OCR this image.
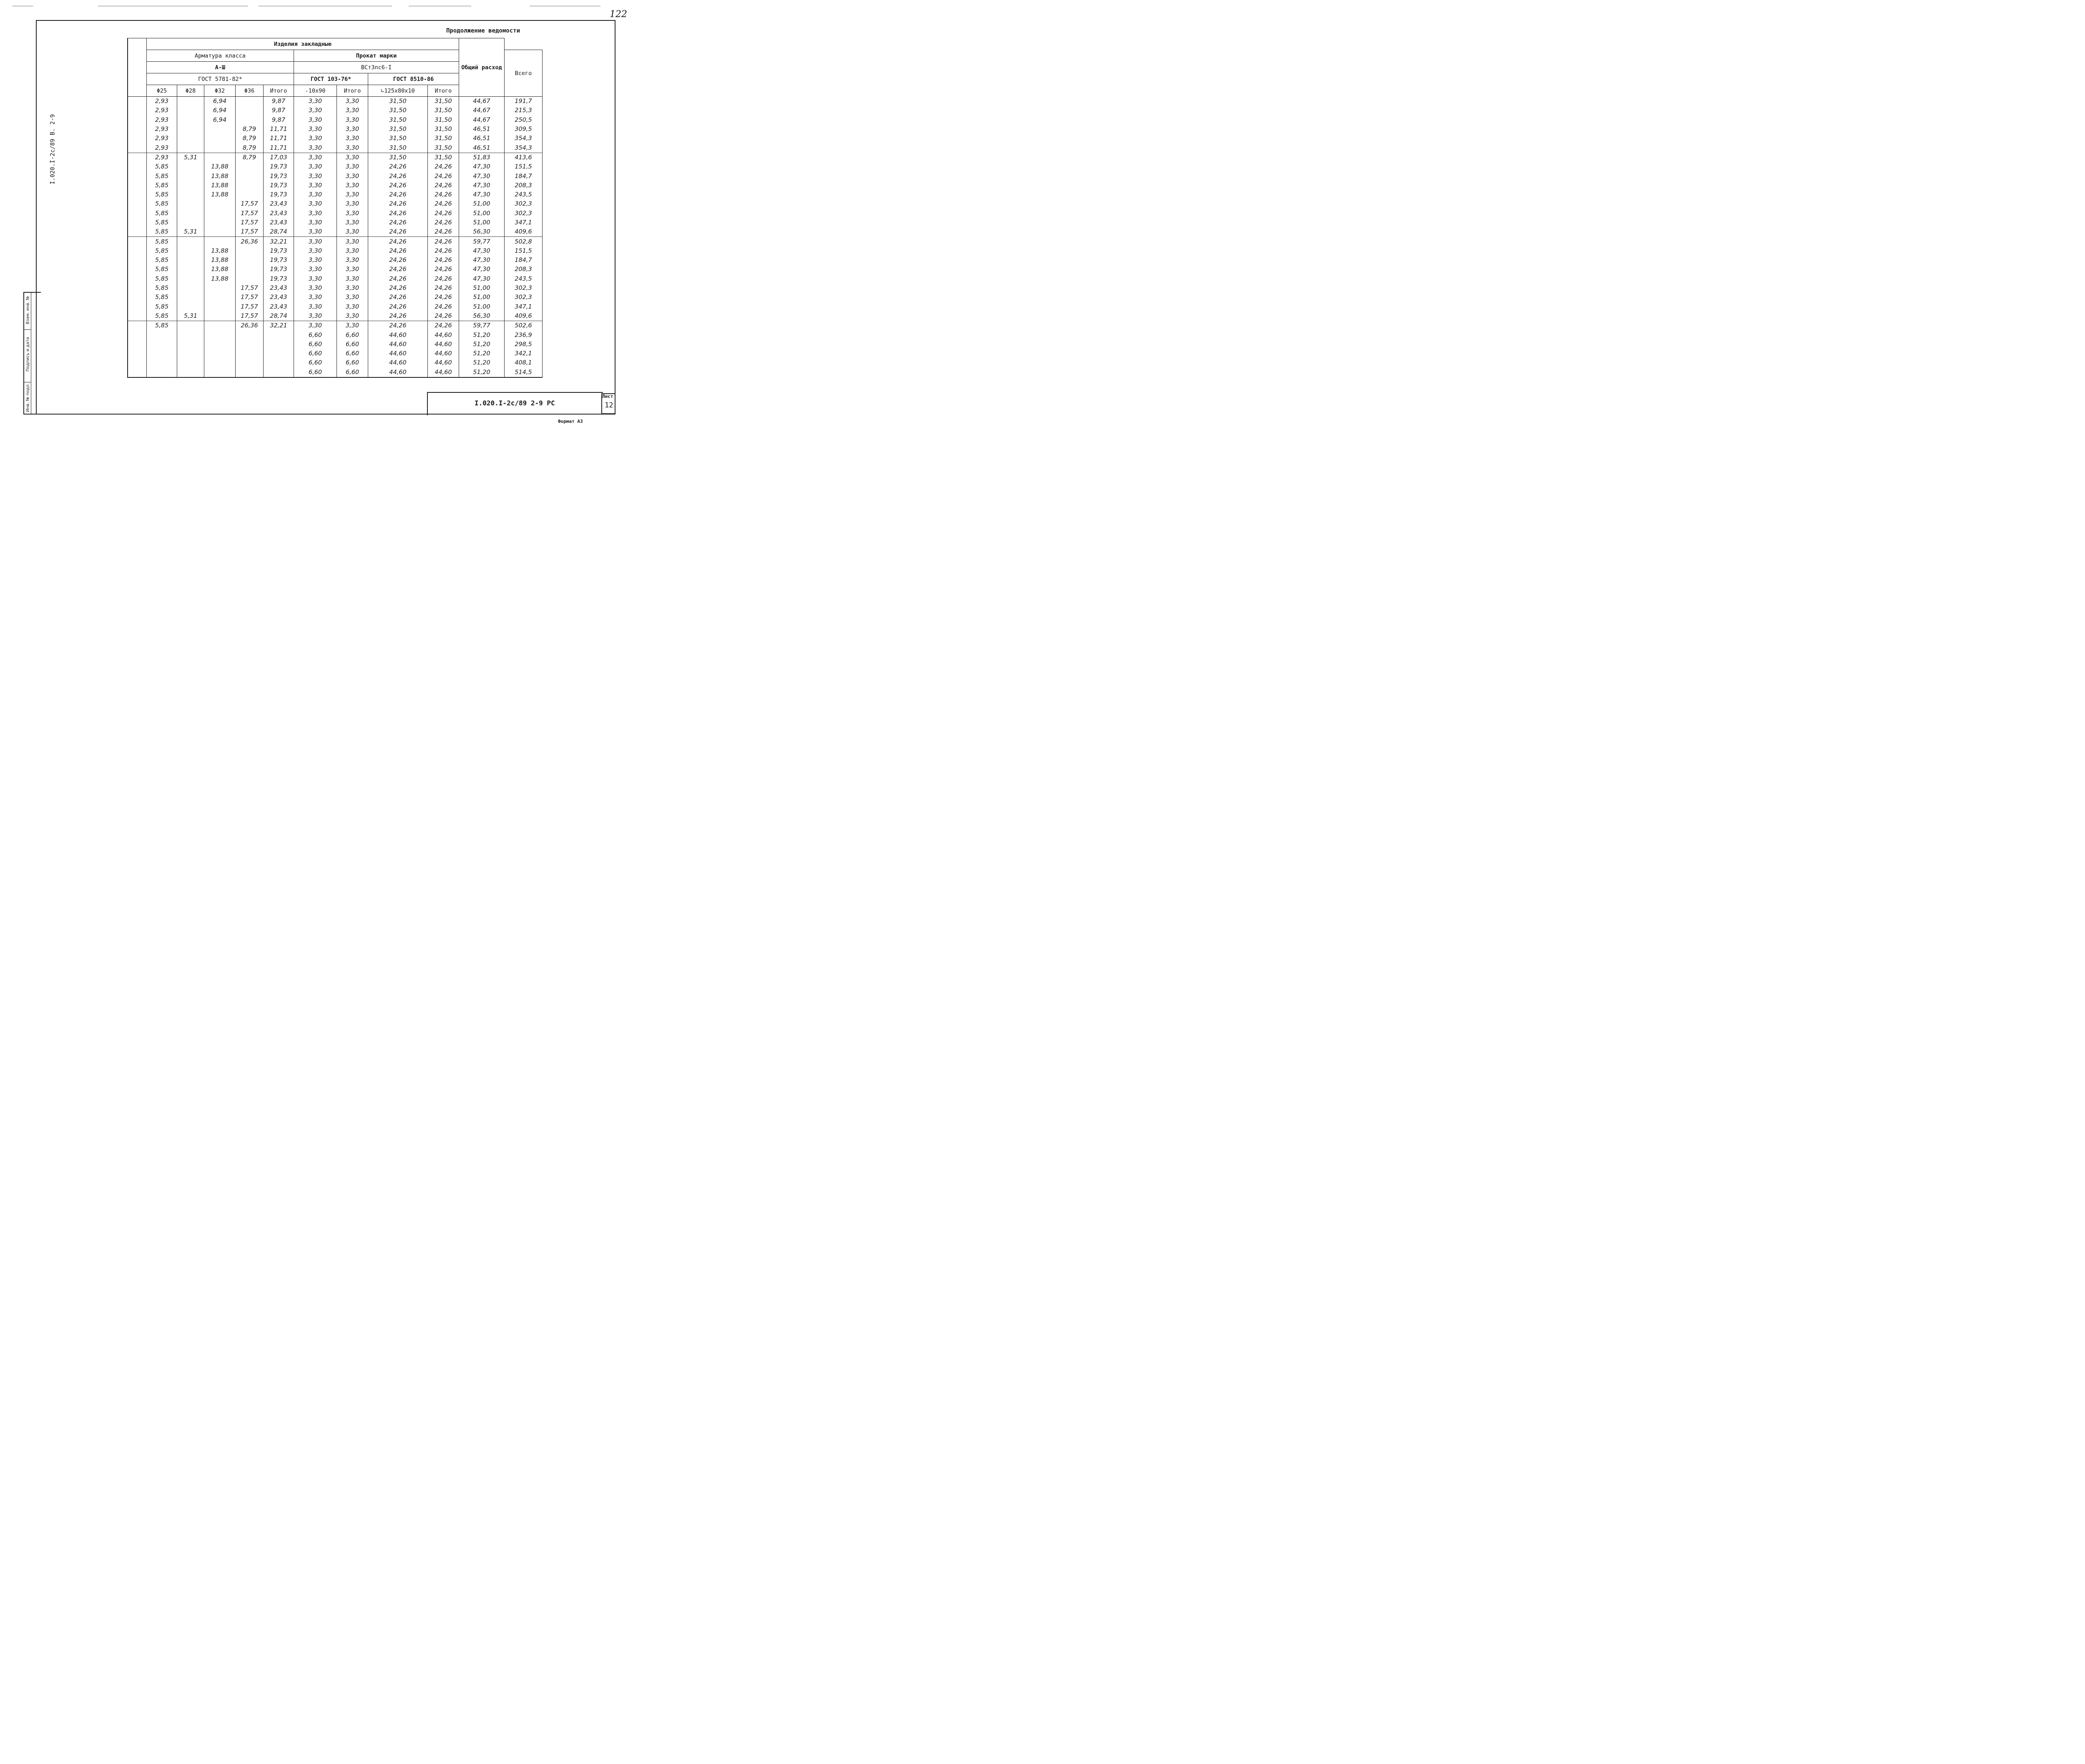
122
I.020.I-2c/89 B. 2-9
Продолжение ведомости
	Изделия закладные									Общий расход	
	Арматура класса					Прокат марки					Всего
	А-Ш					ВСт3пс6-I					
	ГОСТ 5781-82*					ГОСТ 103-76*		ГОСТ 8510-86			
	Φ25	Φ28	Φ32	Φ36	Итого	-10x90	Итого	∟125x80x10	Итого		
	2,93		6,94		9,87	3,30	3,30	31,50	31,50	44,67	191,7
	2,93		6,94		9,87	3,30	3,30	31,50	31,50	44,67	215,3
	2,93		6,94		9,87	3,30	3,30	31,50	31,50	44,67	250,5
	2,93			8,79	11,71	3,30	3,30	31,50	31,50	46,51	309,5
	2,93			8,79	11,71	3,30	3,30	31,50	31,50	46,51	354,3
	2,93			8,79	11,71	3,30	3,30	31,50	31,50	46,51	354,3
	2,93	5,31		8,79	17,03	3,30	3,30	31,50	31,50	51,83	413,6
	5,85		13,88		19,73	3,30	3,30	24,26	24,26	47,30	151,5
	5,85		13,88		19,73	3,30	3,30	24,26	24,26	47,30	184,7
	5,85		13,88		19,73	3,30	3,30	24,26	24,26	47,30	208,3
	5,85		13,88		19,73	3,30	3,30	24,26	24,26	47,30	243,5
	5,85			17,57	23,43	3,30	3,30	24,26	24,26	51,00	302,3
	5,85			17,57	23,43	3,30	3,30	24,26	24,26	51,00	302,3
	5,85			17,57	23,43	3,30	3,30	24,26	24,26	51,00	347,1
	5,85	5,31		17,57	28,74	3,30	3,30	24,26	24,26	56,30	409,6
	5,85			26,36	32,21	3,30	3,30	24,26	24,26	59,77	502,8
	5,85		13,88		19,73	3,30	3,30	24,26	24,26	47,30	151,5
	5,85		13,88		19,73	3,30	3,30	24,26	24,26	47,30	184,7
	5,85		13,88		19,73	3,30	3,30	24,26	24,26	47,30	208,3
	5,85		13,88		19,73	3,30	3,30	24,26	24,26	47,30	243,5
	5,85			17,57	23,43	3,30	3,30	24,26	24,26	51,00	302,3
	5,85			17,57	23,43	3,30	3,30	24,26	24,26	51,00	302,3
	5,85			17,57	23,43	3,30	3,30	24,26	24,26	51,00	347,1
	5,85	5,31		17,57	28,74	3,30	3,30	24,26	24,26	56,30	409,6
	5,85			26,36	32,21	3,30	3,30	24,26	24,26	59,77	502,6
						6,60	6,60	44,60	44,60	51,20	236,9
						6,60	6,60	44,60	44,60	51,20	298,5
						6,60	6,60	44,60	44,60	51,20	342,1
						6,60	6,60	44,60	44,60	51,20	408,1
						6,60	6,60	44,60	44,60	51,20	514,5
Взам. инв. №
Подпись и дата
Инв. № подл.	I.020.I-2c/89 2-9 PC
Лист
12
Формат А3
